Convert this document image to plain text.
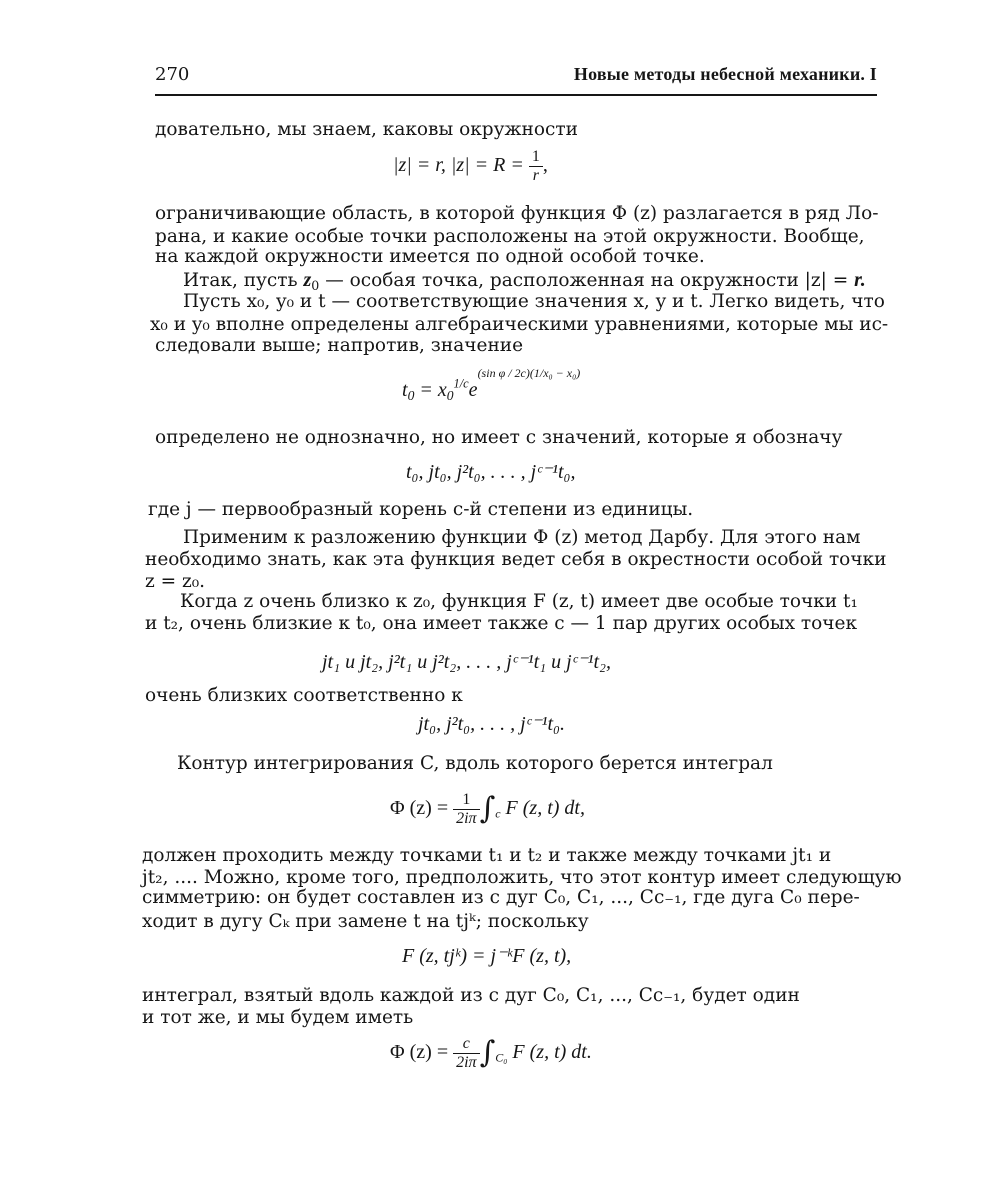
270	Новые методы небесной механики. I
довательно, мы знаем, каковы окружности
|z| = r, $|z| = R = \frac{1}{r}$ ,
ограничивающие область, в которой функция Φ (z) разлагается в ряд Ло-
рана, и какие особые точки расположены на этой окружности. Вообще,
на каждой окружности имеется по одной особой точке.
Итак, пусть $z_0$ — особая точка, расположенная на окружности |z| = r.
Пусть x₀, y₀ и t — соответствующие значения x, y и t. Легко видеть, что
x₀ и y₀ вполне определены алгебраическими уравнениями, которые мы ис-
следовали выше; напротив, значение
$t_0 = x_0^{1/c}e^{(sin \varphi / 2c)(1/x_0 - x_0)}$
определено не однозначно, но имеет c значений, которые я обозначу
t₀, jt₀, j²t₀, . . . , jᶜ⁻¹t₀,
где j — первообразный корень c-й степени из единицы.
Применим к разложению функции Φ (z) метод Дарбу. Для этого нам
необходимо знать, как эта функция ведет себя в окрестности особой точки
z = z₀.
Когда z очень близко к z₀, функция F (z, t) имеет две особые точки t₁
и t₂, очень близкие к t₀, она имеет также c — 1 пар других особых точек
jt₁ и jt₂, j²t₁ и j²t₂, . . . , jᶜ⁻¹t₁ и jᶜ⁻¹t₂,
очень близких соответственно к
jt₀, j²t₀, . . . , jᶜ⁻¹t₀.
Контур интегрирования C, вдоль которого берется интеграл
Φ $(z) = \frac{1}{2i\pi} \int_c$ F (z, t) dt,
должен проходить между точками t₁ и t₂ и также между точками jt₁ и
jt₂, .... Можно, кроме того, предположить, что этот контур имеет следующую
симметрию: он будет составлен из c дуг C₀, C₁, ..., Cc₋₁, где дуга C₀ пере-
ходит в дугу Cₖ при замене t на tjᵏ; поскольку
F (z, tjᵏ) = j⁻ᵏF (z, t),
интеграл, взятый вдоль каждой из c дуг C₀, C₁, ..., Cc₋₁, будет один
и тот же, и мы будем иметь
Φ $(z) = \frac{c}{2i\pi} \int_{C_0}$ F (z, t) dt.
